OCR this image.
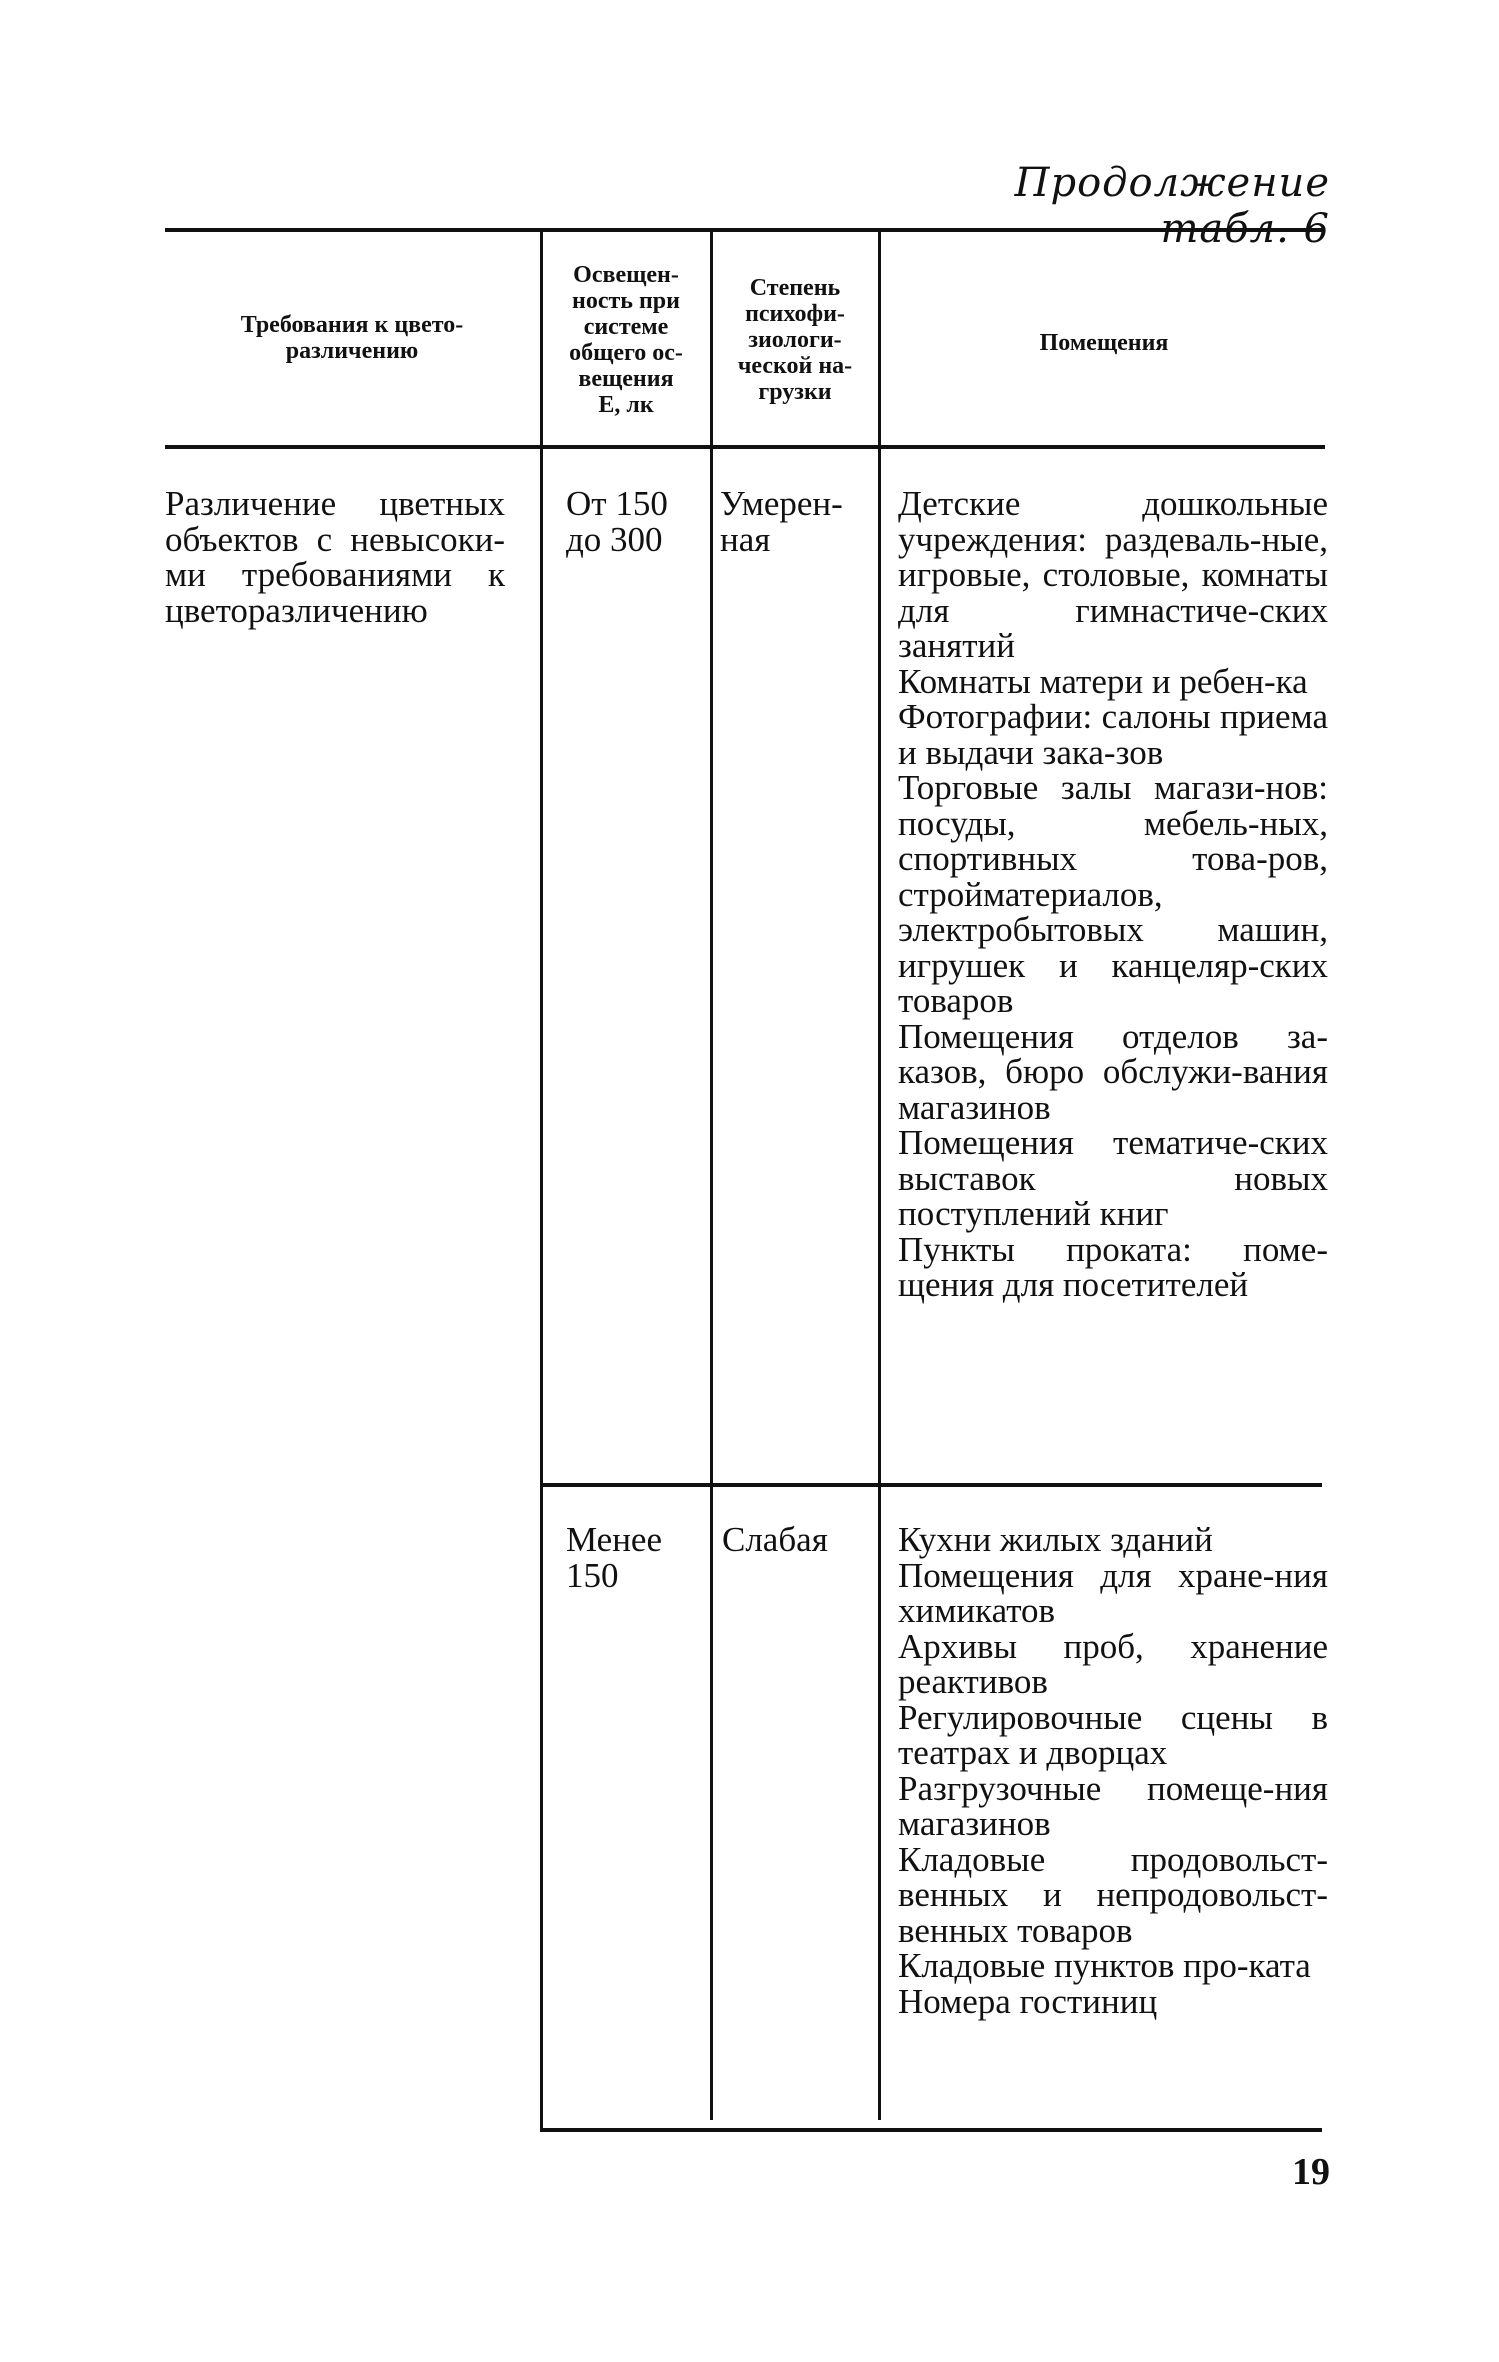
Продолжение табл. 6
Требования к цвето-
различению
Освещен-
ность при
системе
общего ос-
вещения
E, лк
Степень
психофи-
зиологи-
ческой на-
грузки
Помещения
Различение цветных объектов с невысоки-ми требованиями к цветоразличению
От 150 до 300
Умерен-ная
Детские дошкольные учреждения: раздеваль-ные, игровые, столовые, комнаты для гимнастиче-ских занятий
Комнаты матери и ребен-ка
Фотографии: салоны приема и выдачи зака-зов
Торговые залы магази-нов: посуды, мебель-ных, спортивных това-ров, стройматериалов, электробытовых машин, игрушек и канцеляр-ских товаров
Помещения отделов за-казов, бюро обслужи-вания магазинов
Помещения тематиче-ских выставок новых поступлений книг
Пункты проката: поме-щения для посетителей
Менее 150
Слабая	Кухни жилых зданий
Помещения для хране-ния химикатов
Архивы проб, хранение реактивов
Регулировочные сцены в театрах и дворцах
Разгрузочные помеще-ния магазинов
Кладовые продовольст-венных и непродовольст-венных товаров
Кладовые пунктов про-ката
Номера гостиниц
19
